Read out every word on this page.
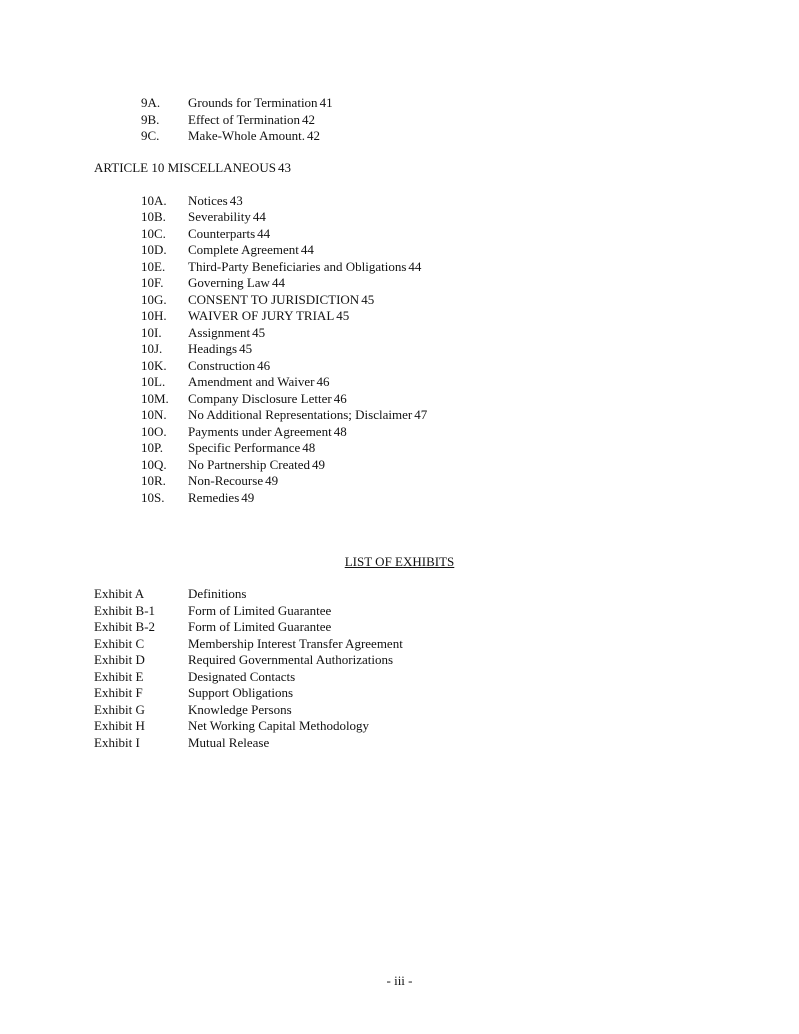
9A. Grounds for Termination 41
9B. Effect of Termination 42
9C. Make-Whole Amount. 42
ARTICLE 10 MISCELLANEOUS 43
10A. Notices 43
10B. Severability 44
10C. Counterparts 44
10D. Complete Agreement 44
10E. Third-Party Beneficiaries and Obligations 44
10F. Governing Law 44
10G. CONSENT TO JURISDICTION 45
10H. WAIVER OF JURY TRIAL 45
10I. Assignment 45
10J. Headings 45
10K. Construction 46
10L. Amendment and Waiver 46
10M. Company Disclosure Letter 46
10N. No Additional Representations; Disclaimer 47
10O. Payments under Agreement 48
10P. Specific Performance 48
10Q. No Partnership Created 49
10R. Non-Recourse 49
10S. Remedies 49
LIST OF EXHIBITS
Exhibit A	Definitions
Exhibit B-1	Form of Limited Guarantee
Exhibit B-2	Form of Limited Guarantee
Exhibit C	Membership Interest Transfer Agreement
Exhibit D	Required Governmental Authorizations
Exhibit E	Designated Contacts
Exhibit F	Support Obligations
Exhibit G	Knowledge Persons
Exhibit H	Net Working Capital Methodology
Exhibit I	Mutual Release
- iii -
